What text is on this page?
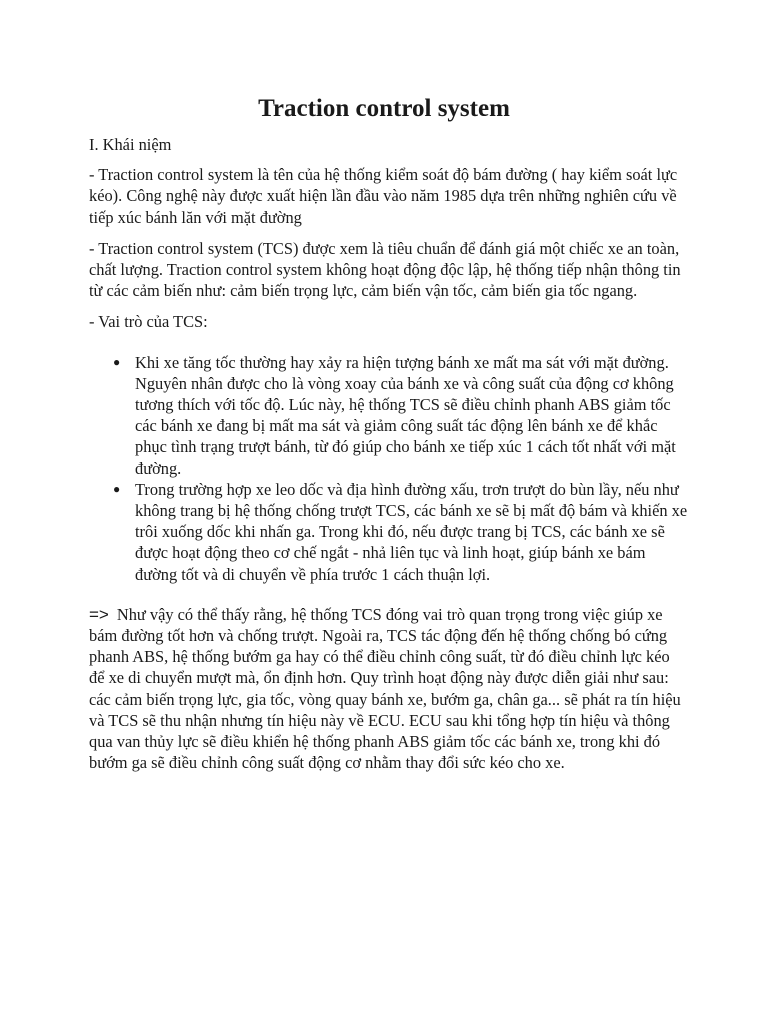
Traction control system

I. Khái niệm

- Traction control system là tên của hệ thống kiểm soát độ bám đường ( hay kiểm soát lực kéo). Công nghệ này được xuất hiện lần đầu vào năm 1985 dựa trên những nghiên cứu về tiếp xúc bánh lăn với mặt đường

- Traction control system (TCS) được xem là tiêu chuẩn để đánh giá một chiếc xe an toàn, chất lượng. Traction control system không hoạt động độc lập, hệ thống tiếp nhận thông tin từ các cảm biến như: cảm biến trọng lực, cảm biến vận tốc, cảm biến gia tốc ngang.

- Vai trò của TCS:

● Khi xe tăng tốc thường hay xảy ra hiện tượng bánh xe mất ma sát với mặt đường. Nguyên nhân được cho là vòng xoay của bánh xe và công suất của động cơ không tương thích với tốc độ. Lúc này, hệ thống TCS sẽ điều chỉnh phanh ABS giảm tốc các bánh xe đang bị mất ma sát và giảm công suất tác động lên bánh xe để khắc phục tình trạng trượt bánh, từ đó giúp cho bánh xe tiếp xúc 1 cách tốt nhất với mặt đường.
● Trong trường hợp xe leo dốc và địa hình đường xấu, trơn trượt do bùn lầy, nếu như không trang bị hệ thống chống trượt TCS, các bánh xe sẽ bị mất độ bám và khiến xe trôi xuống dốc khi nhấn ga. Trong khi đó, nếu được trang bị TCS, các bánh xe sẽ được hoạt động theo cơ chế ngắt - nhả liên tục và linh hoạt, giúp bánh xe bám đường tốt và di chuyển về phía trước 1 cách thuận lợi.

=> Như vậy có thể thấy rằng, hệ thống TCS đóng vai trò quan trọng trong việc giúp xe bám đường tốt hơn và chống trượt. Ngoài ra, TCS tác động đến hệ thống chống bó cứng phanh ABS, hệ thống bướm ga hay có thể điều chỉnh công suất, từ đó điều chỉnh lực kéo để xe di chuyển mượt mà, ổn định hơn. Quy trình hoạt động này được diễn giải như sau: các cảm biến trọng lực, gia tốc, vòng quay bánh xe, bướm ga, chân ga... sẽ phát ra tín hiệu và TCS sẽ thu nhận nhưng tín hiệu này về ECU. ECU sau khi tổng hợp tín hiệu và thông qua van thủy lực sẽ điều khiển hệ thống phanh ABS giảm tốc các bánh xe, trong khi đó bướm ga sẽ điều chỉnh công suất động cơ nhằm thay đổi sức kéo cho xe.
